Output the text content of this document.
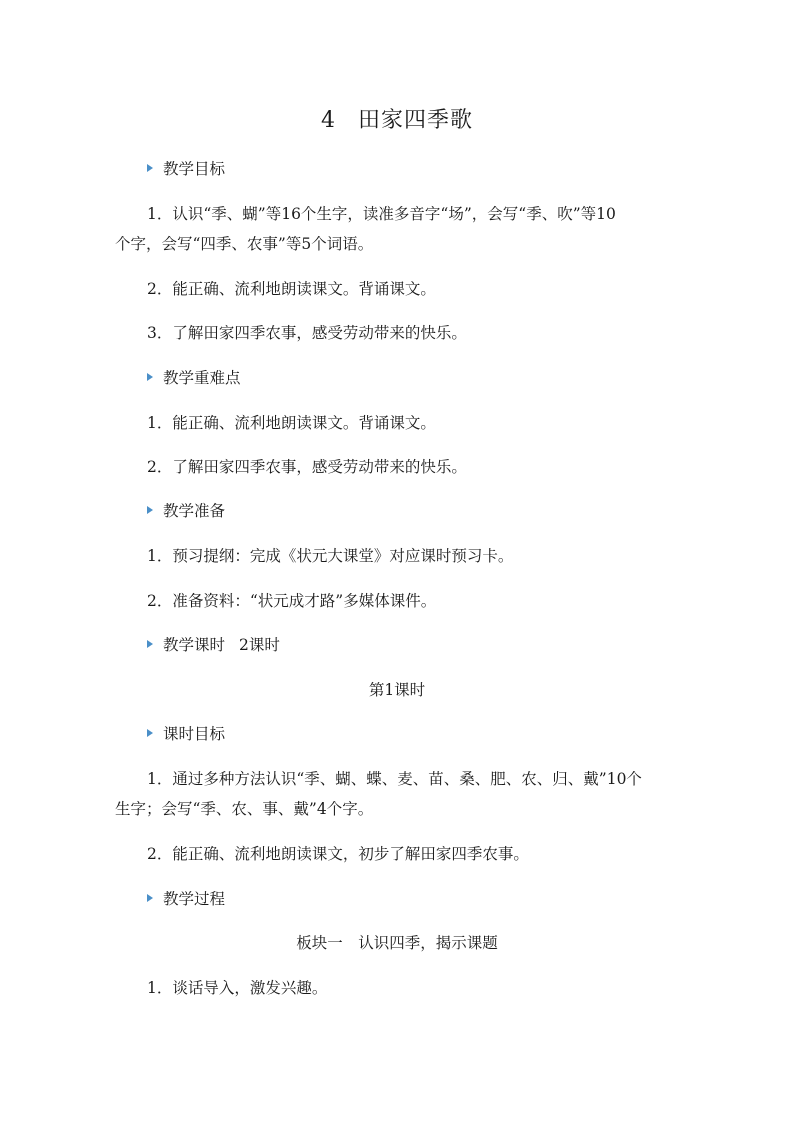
4 田家四季歌
教学目标
1．认识“季、蝴”等16个生字，读准多音字“场”，会写“季、吹”等10
个字，会写“四季、农事”等5个词语。
2．能正确、流利地朗读课文。背诵课文。
3．了解田家四季农事，感受劳动带来的快乐。
教学重难点
1．能正确、流利地朗读课文。背诵课文。
2．了解田家四季农事，感受劳动带来的快乐。
教学准备
1．预习提纲：完成《状元大课堂》对应课时预习卡。
2．准备资料：“状元成才路”多媒体课件。
教学课时 2课时
第1课时
课时目标
1．通过多种方法认识“季、蝴、蝶、麦、苗、桑、肥、农、归、戴”10个
生字；会写“季、农、事、戴”4个字。
2．能正确、流利地朗读课文，初步了解田家四季农事。
教学过程
板块一　认识四季，揭示课题
1．谈话导入，激发兴趣。
